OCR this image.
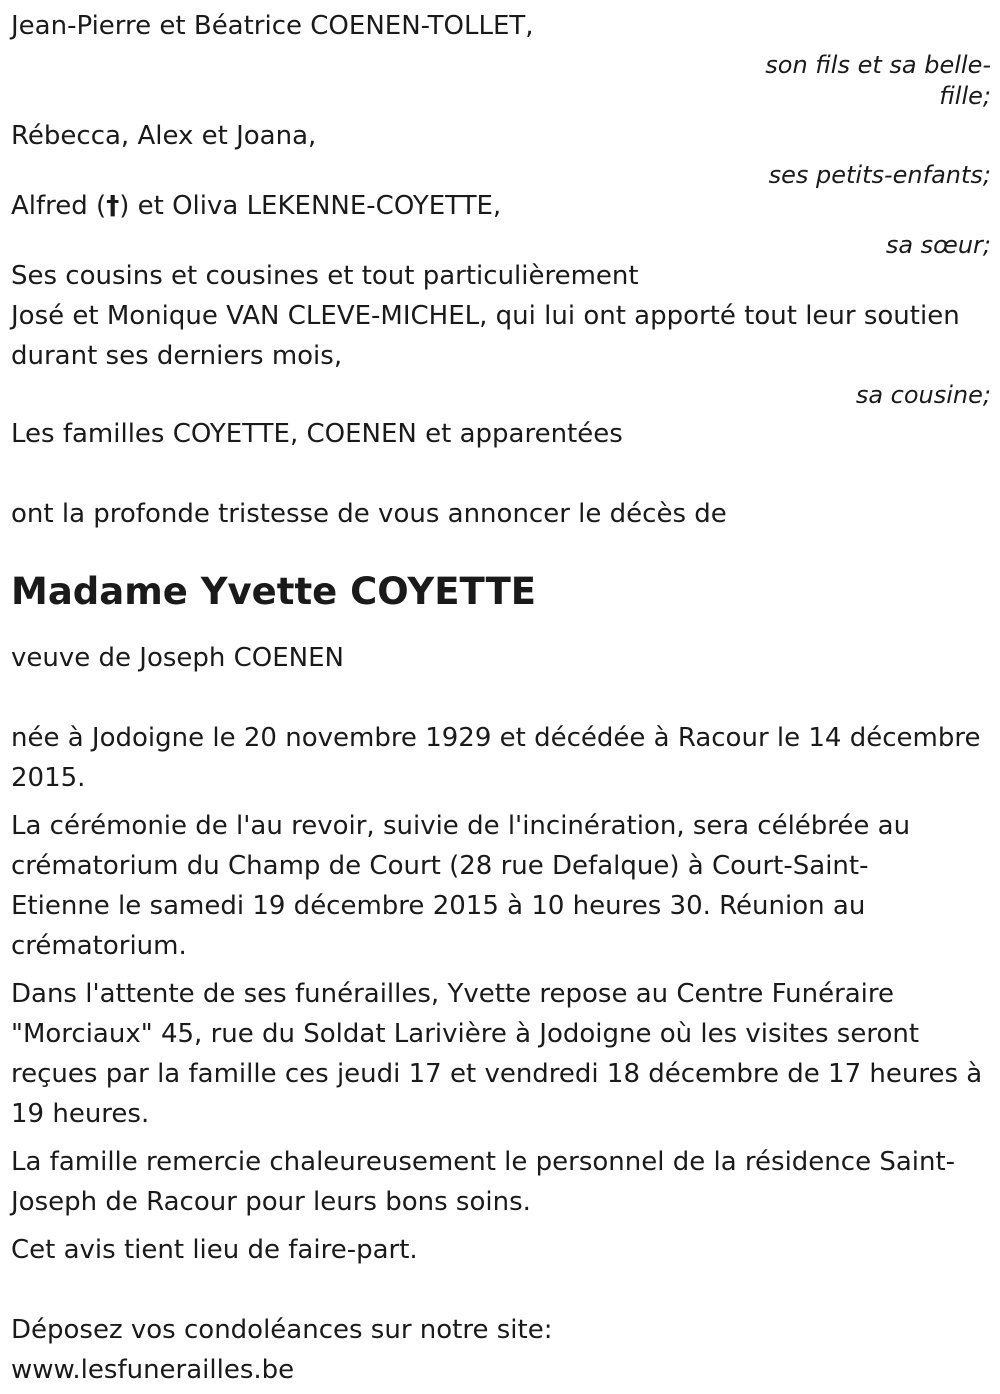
Jean-Pierre et Béatrice COENEN-TOLLET,
son fils et sa belle-
fille;
Rébecca, Alex et Joana,
ses petits-enfants;
Alfred (†) et Oliva LEKENNE-COYETTE,
sa sœur;
Ses cousins et cousines et tout particulièrement
José et Monique VAN CLEVE-MICHEL, qui lui ont apporté tout leur soutien
durant ses derniers mois,
sa cousine;
Les familles COYETTE, COENEN et apparentées
ont la profonde tristesse de vous annoncer le décès de
Madame Yvette COYETTE
veuve de Joseph COENEN
née à Jodoigne le 20 novembre 1929 et décédée à Racour le 14 décembre
2015.
La cérémonie de l'au revoir, suivie de l'incinération, sera célébrée au
crématorium du Champ de Court (28 rue Defalque) à Court-Saint-
Etienne le samedi 19 décembre 2015 à 10 heures 30. Réunion au
crématorium.
Dans l'attente de ses funérailles, Yvette repose au Centre Funéraire
"Morciaux" 45, rue du Soldat Larivière à Jodoigne où les visites seront
reçues par la famille ces jeudi 17 et vendredi 18 décembre de 17 heures à
19 heures.
La famille remercie chaleureusement le personnel de la résidence Saint-
Joseph de Racour pour leurs bons soins.
Cet avis tient lieu de faire-part.
Déposez vos condoléances sur notre site:
www.lesfunerailles.be
